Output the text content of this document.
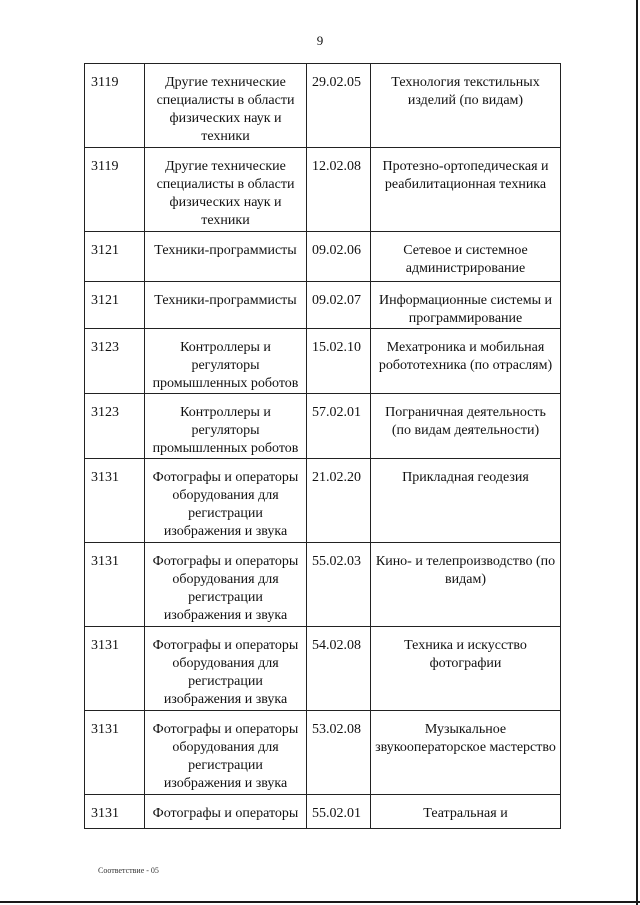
9
3119	Другие технические специалисты в области физических наук и техники	29.02.05	Технология текстильных изделий (по видам)
3119	Другие технические специалисты в области физических наук и техники	12.02.08	Протезно-ортопедическая и реабилитационная техника
3121	Техники-программисты	09.02.06	Сетевое и системное администрирование
3121	Техники-программисты	09.02.07	Информационные системы и программирование
3123	Контроллеры и регуляторы промышленных роботов	15.02.10	Мехатроника и мобильная робототехника (по отраслям)
3123	Контроллеры и регуляторы промышленных роботов	57.02.01	Пограничная деятельность (по видам деятельности)
3131	Фотографы и операторы оборудования для регистрации изображения и звука	21.02.20	Прикладная геодезия
3131	Фотографы и операторы оборудования для регистрации изображения и звука	55.02.03	Кино- и телепроизводство (по видам)
3131	Фотографы и операторы оборудования для регистрации изображения и звука	54.02.08	Техника и искусство фотографии
3131	Фотографы и операторы оборудования для регистрации изображения и звука	53.02.08	Музыкальное звукооператорское мастерство
3131	Фотографы и операторы	55.02.01	Театральная и
Соответствие - 05
